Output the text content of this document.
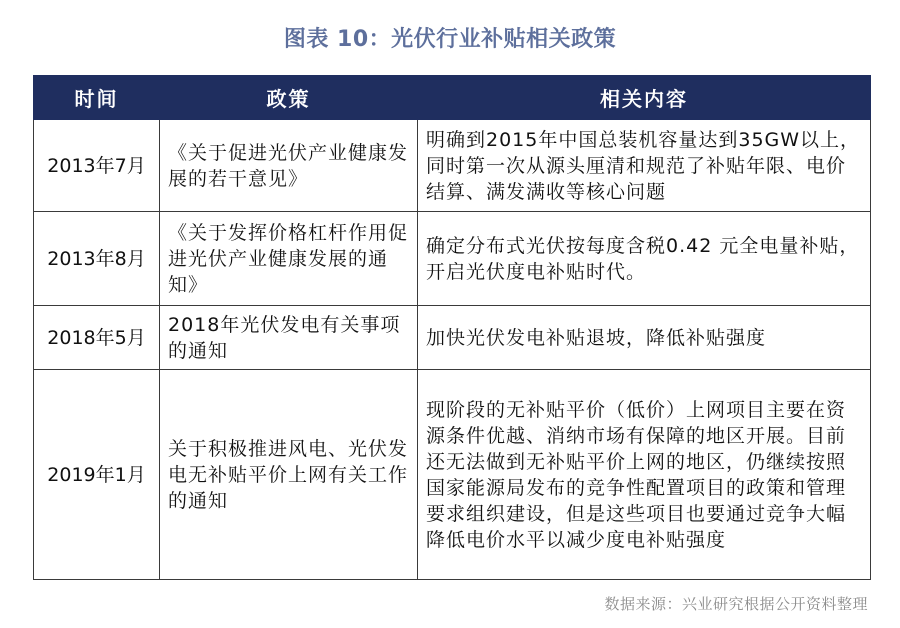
图表 10：光伏行业补贴相关政策
时间	政策	相关内容
2013年7月	《关于促进光伏产业健康发展的若干意见》	明确到2015年中国总装机容量达到35GW以上，同时第一次从源头厘清和规范了补贴年限、电价结算、满发满收等核心问题
2013年8月	《关于发挥价格杠杆作用促进光伏产业健康发展的通知》	确定分布式光伏按每度含税0.42 元全电量补贴，开启光伏度电补贴时代。
2018年5月	2018年光伏发电有关事项的通知	加快光伏发电补贴退坡，降低补贴强度
2019年1月	关于积极推进风电、光伏发电无补贴平价上网有关工作的通知	现阶段的无补贴平价（低价）上网项目主要在资源条件优越、消纳市场有保障的地区开展。目前还无法做到无补贴平价上网的地区，仍继续按照国家能源局发布的竞争性配置项目的政策和管理要求组织建设，但是这些项目也要通过竞争大幅降低电价水平以减少度电补贴强度
数据来源：兴业研究根据公开资料整理
